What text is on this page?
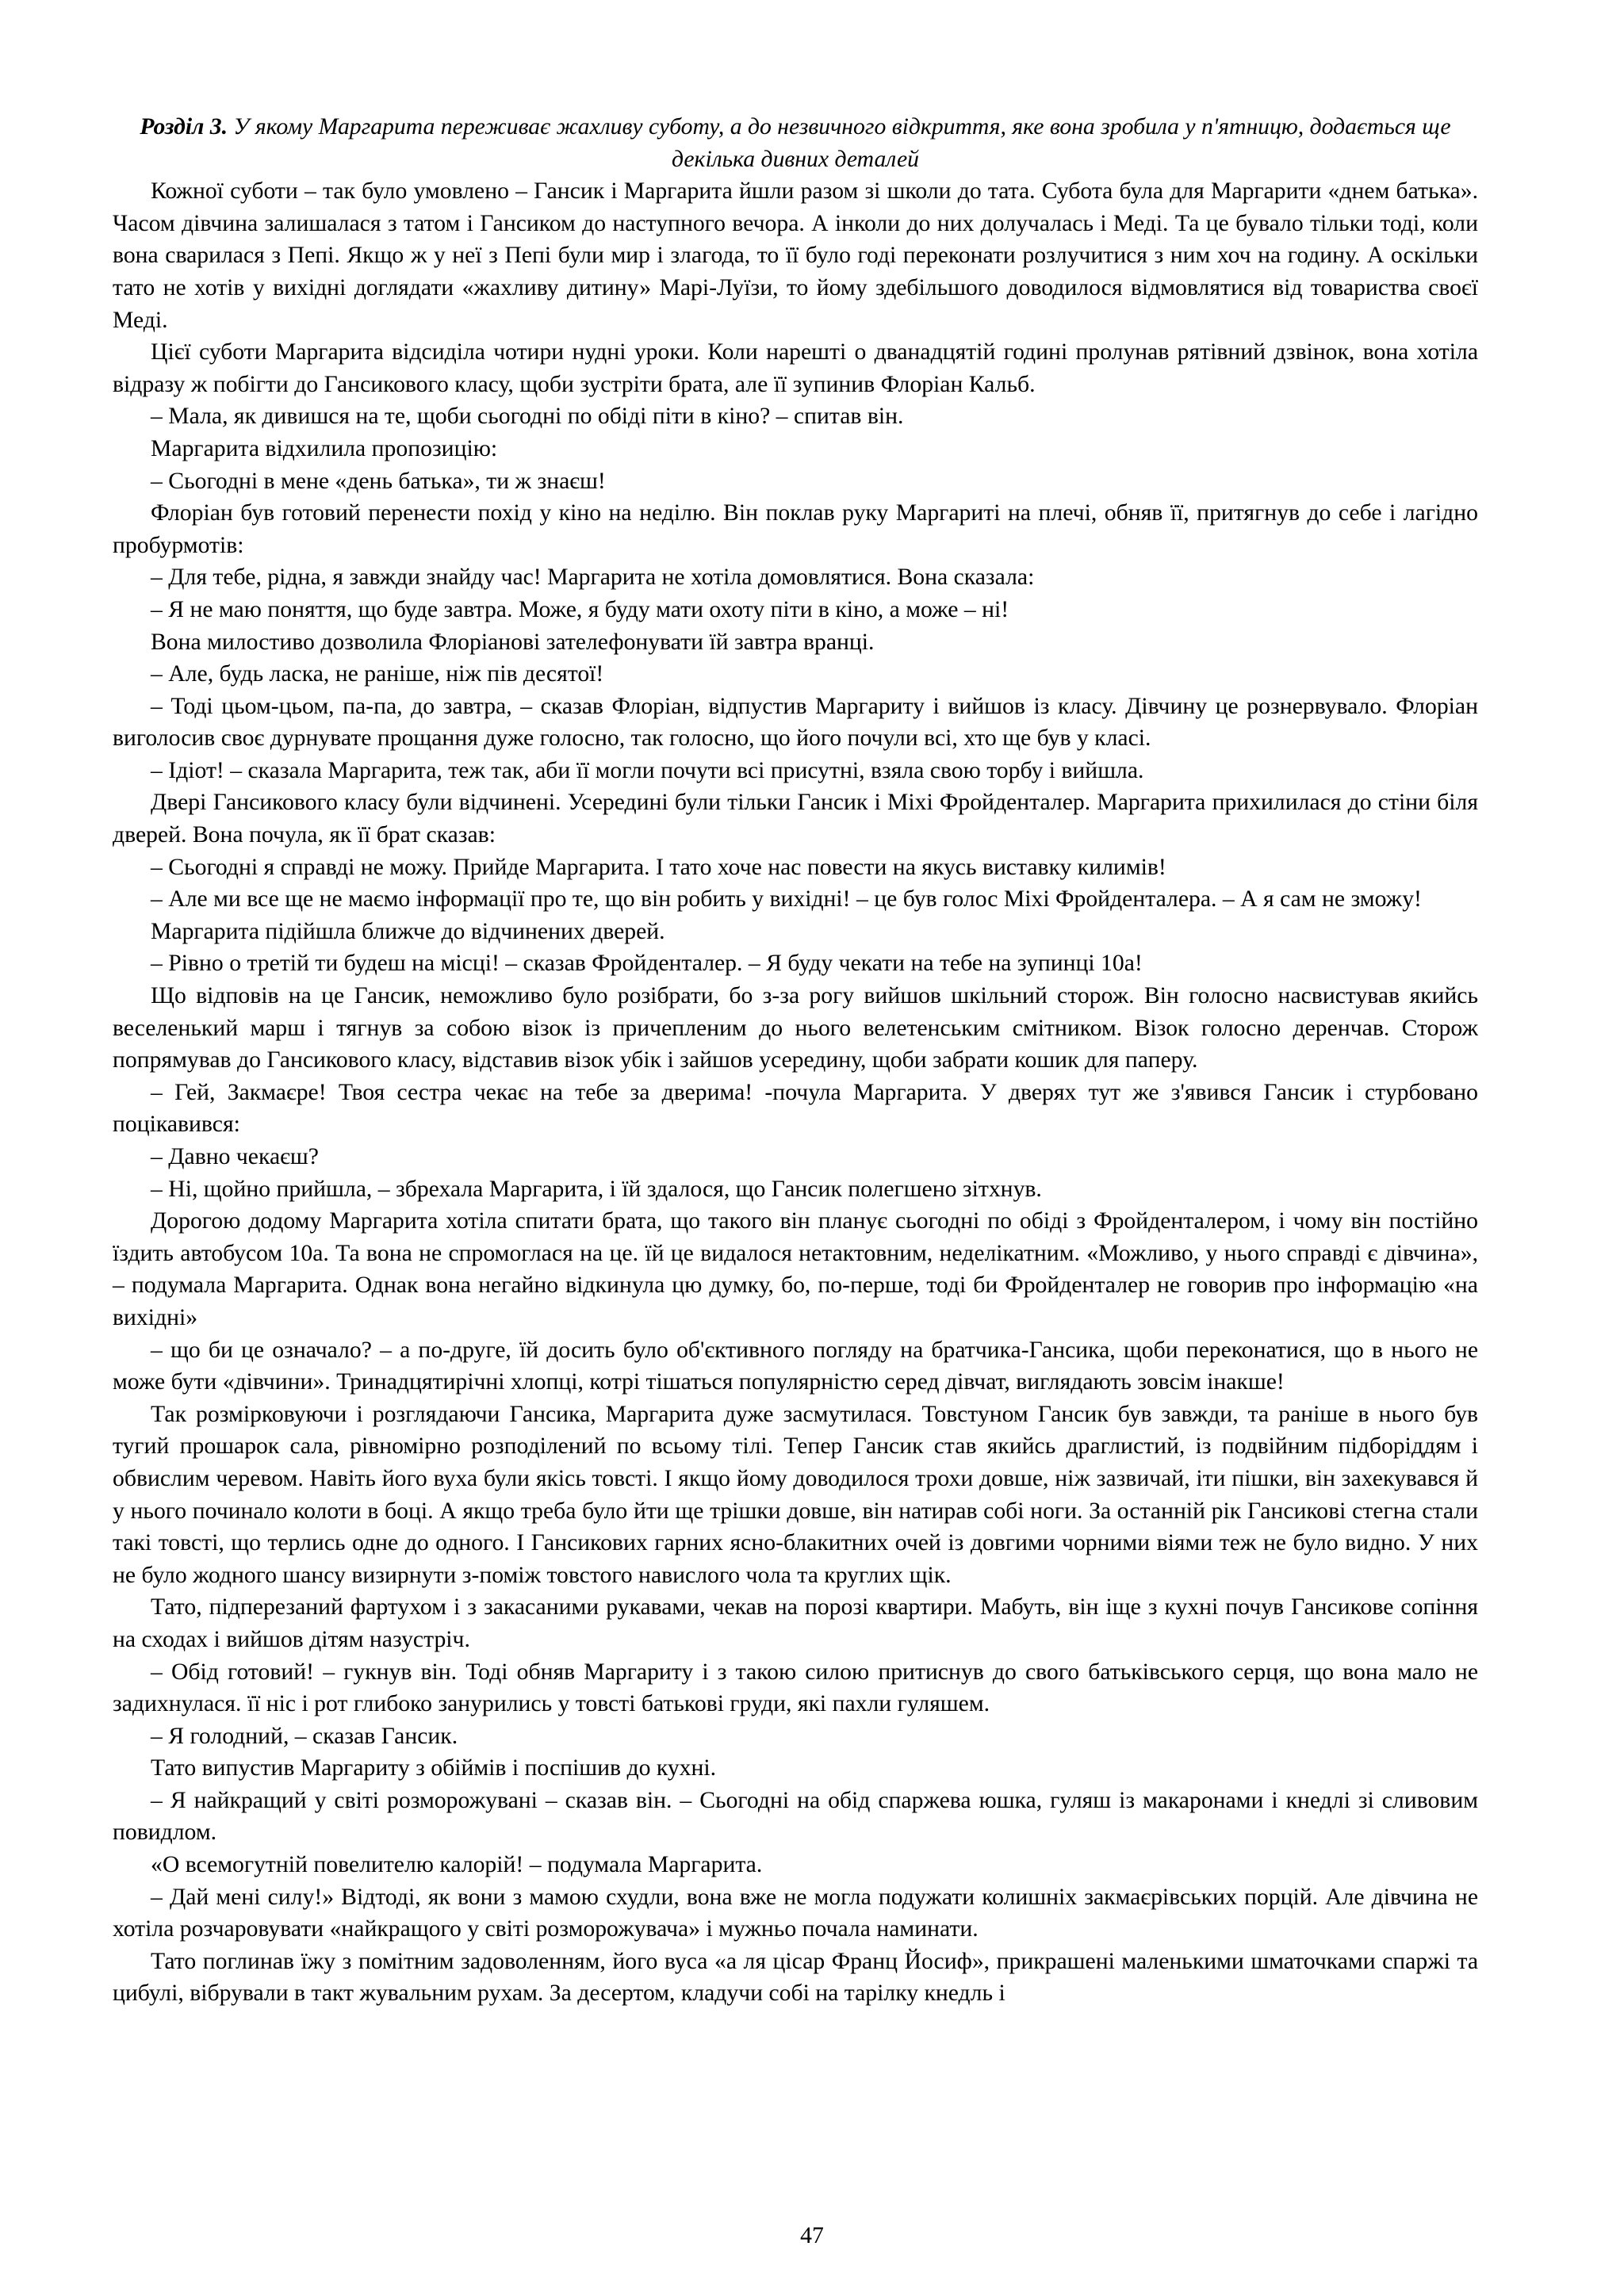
Розділ 3. У якому Маргарита переживає жахливу суботу, а до незвичного відкриття, яке вона зробила у п'ятницю, додається ще декілька дивних деталей

Кожної суботи – так було умовлено – Гансик і Маргарита йшли разом зі школи до тата. Субота була для Маргарити «днем батька». Часом дівчина залишалася з татом і Гансиком до наступного вечора. А інколи до них долучалась і Меді. Та це бувало тільки тоді, коли вона сварилася з Пепі. Якщо ж у неї з Пепі були мир і злагода, то її було годі переконати розлучитися з ним хоч на годину. А оскільки тато не хотів у вихідні доглядати «жахливу дитину» Марі-Луїзи, то йому здебільшого доводилося відмовлятися від товариства своєї Меді.

Цієї суботи Маргарита відсиділа чотири нудні уроки. Коли нарешті о дванадцятій годині пролунав рятівний дзвінок, вона хотіла відразу ж побігти до Гансикового класу, щоби зустріти брата, але її зупинив Флоріан Кальб.

– Мала, як дивишся на те, щоби сьогодні по обіді піти в кіно? – спитав він.

Маргарита відхилила пропозицію:

– Сьогодні в мене «день батька», ти ж знаєш!

Флоріан був готовий перенести похід у кіно на неділю. Він поклав руку Маргариті на плечі, обняв її, притягнув до себе і лагідно пробурмотів:

– Для тебе, рідна, я завжди знайду час! Маргарита не хотіла домовлятися. Вона сказала:

– Я не маю поняття, що буде завтра. Може, я буду мати охоту піти в кіно, а може – ні!

Вона милостиво дозволила Флоріанові зателефонувати їй завтра вранці.

– Але, будь ласка, не раніше, ніж пів десятої!

– Тоді цьом-цьом, па-па, до завтра, – сказав Флоріан, відпустив Маргариту і вийшов із класу. Дівчину це рознервувало. Флоріан виголосив своє дурнувате прощання дуже голосно, так голосно, що його почули всі, хто ще був у класі.

– Ідіот! – сказала Маргарита, теж так, аби її могли почути всі присутні, взяла свою торбу і вийшла.

Двері Гансикового класу були відчинені. Усередині були тільки Гансик і Міхі Фройденталер. Маргарита прихилилася до стіни біля дверей. Вона почула, як її брат сказав:

– Сьогодні я справді не можу. Прийде Маргарита. І тато хоче нас повести на якусь виставку килимів!

– Але ми все ще не маємо інформації про те, що він робить у вихідні! – це був голос Міхі Фройденталера. – А я сам не зможу!

Маргарита підійшла ближче до відчинених дверей.

– Рівно о третій ти будеш на місці! – сказав Фройденталер. – Я буду чекати на тебе на зупинці 10а!

Що відповів на це Гансик, неможливо було розібрати, бо з-за рогу вийшов шкільний сторож. Він голосно насвистував якийсь веселенький марш і тягнув за собою візок із причепленим до нього велетенським смітником. Візок голосно деренчав. Сторож попрямував до Гансикового класу, відставив візок убік і зайшов усередину, щоби забрати кошик для паперу.

– Гей, Закмаєре! Твоя сестра чекає на тебе за дверима! -почула Маргарита. У дверях тут же з'явився Гансик і стурбовано поцікавився:

– Давно чекаєш?

– Ні, щойно прийшла, – збрехала Маргарита, і їй здалося, що Гансик полегшено зітхнув.

Дорогою додому Маргарита хотіла спитати брата, що такого він планує сьогодні по обіді з Фройденталером, і чому він постійно їздить автобусом 10а. Та вона не спромоглася на це. їй це видалося нетактовним, неделікатним. «Можливо, у нього справді є дівчина», – подумала Маргарита. Однак вона негайно відкинула цю думку, бо, по-перше, тоді би Фройденталер не говорив про інформацію «на вихідні»

– що би це означало? – а по-друге, їй досить було об'єктивного погляду на братчика-Гансика, щоби переконатися, що в нього не може бути «дівчини». Тринадцятирічні хлопці, котрі тішаться популярністю серед дівчат, виглядають зовсім інакше!

Так розмірковуючи і розглядаючи Гансика, Маргарита дуже засмутилася. Товстуном Гансик був завжди, та раніше в нього був тугий прошарок сала, рівномірно розподілений по всьому тілі. Тепер Гансик став якийсь драглистий, із подвійним підборіддям і обвислим черевом. Навіть його вуха були якісь товсті. І якщо йому доводилося трохи довше, ніж зазвичай, іти пішки, він захекувався й у нього починало колоти в боці. А якщо треба було йти ще трішки довше, він натирав собі ноги. За останній рік Гансикові стегна стали такі товсті, що терлись одне до одного. І Гансикових гарних ясно-блакитних очей із довгими чорними віями теж не було видно. У них не було жодного шансу визирнути з-поміж товстого навислого чола та круглих щік.

Тато, підперезаний фартухом і з закасаними рукавами, чекав на порозі квартири. Мабуть, він іще з кухні почув Гансикове сопіння на сходах і вийшов дітям назустріч.

– Обід готовий! – гукнув він. Тоді обняв Маргариту і з такою силою притиснув до свого батьківського серця, що вона мало не задихнулася. її ніс і рот глибоко занурились у товсті батькові груди, які пахли гуляшем.

– Я голодний, – сказав Гансик.

Тато випустив Маргариту з обіймів і поспішив до кухні.

– Я найкращий у світі розморожувані – сказав він. – Сьогодні на обід спаржева юшка, гуляш із макаронами і кнедлі зі сливовим повидлом.

«О всемогутній повелителю калорій! – подумала Маргарита.

– Дай мені силу!» Відтоді, як вони з мамою схудли, вона вже не могла подужати колишніх закмаєрівських порцій. Але дівчина не хотіла розчаровувати «найкращого у світі розморожувача» і мужньо почала наминати.

Тато поглинав їжу з помітним задоволенням, його вуса «а ля цісар Франц Йосиф», прикрашені маленькими шматочками спаржі та цибулі, вібрували в такт жувальним рухам. За десертом, кладучи собі на тарілку кнедль і

47
